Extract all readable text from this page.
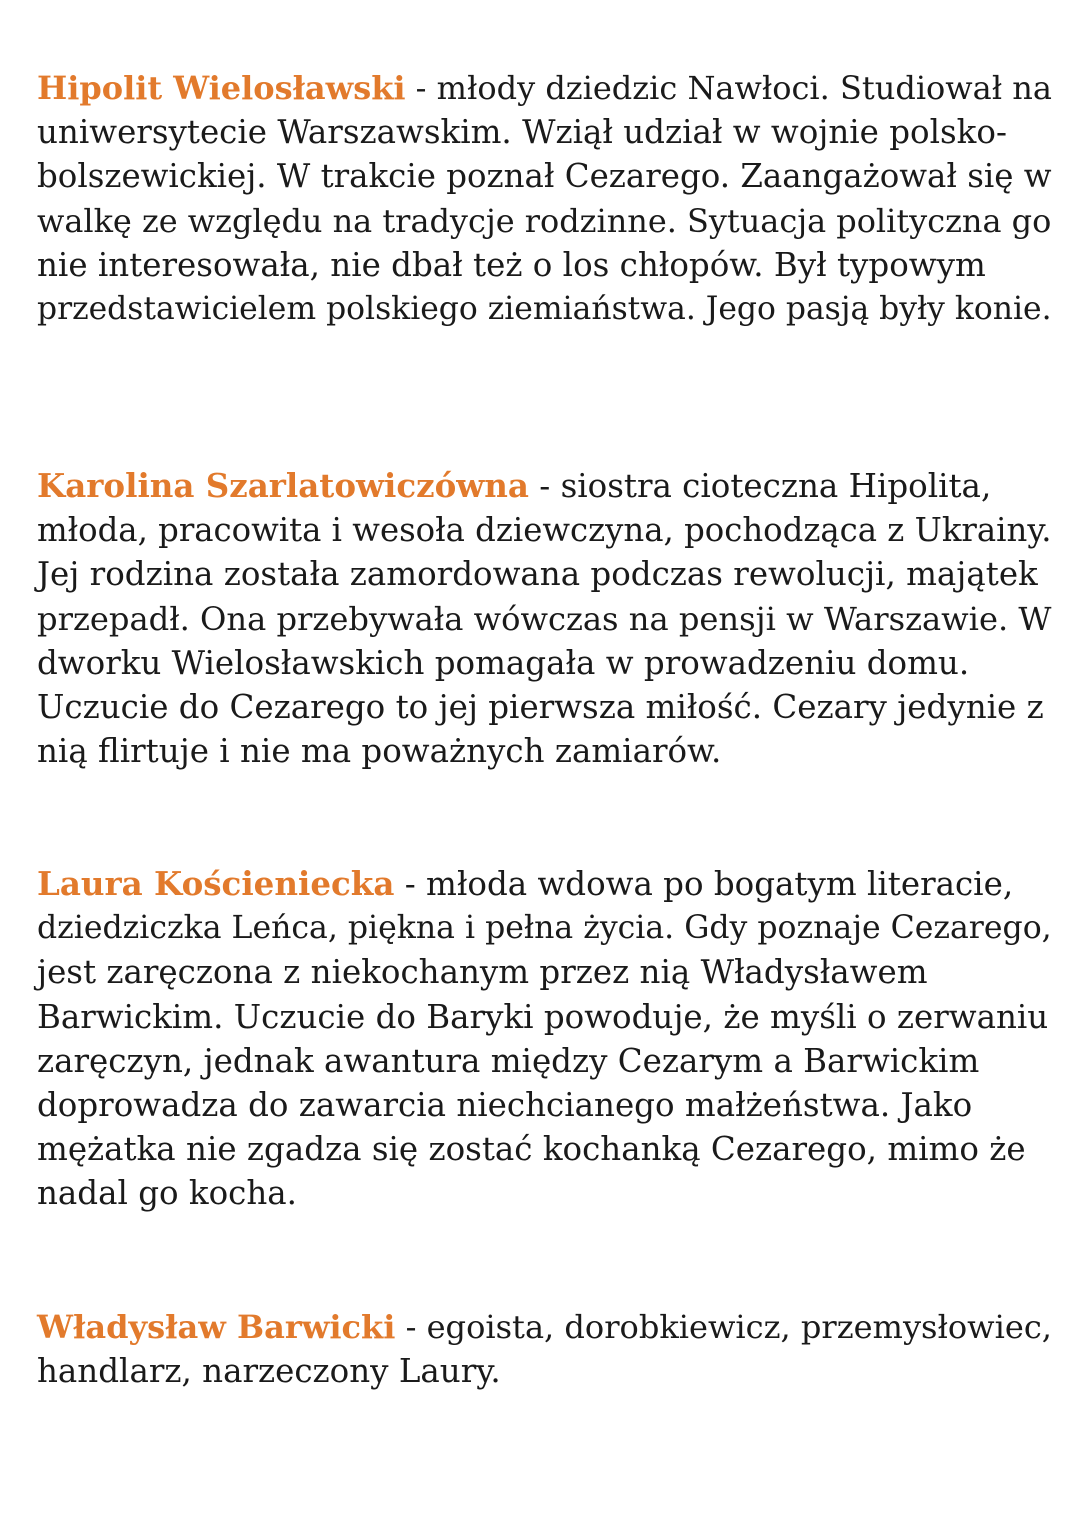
Hipolit Wielosławski - młody dziedzic Nawłoci. Studiował na
uniwersytecie Warszawskim. Wziął udział w wojnie polsko-
bolszewickiej. W trakcie poznał Cezarego. Zaangażował się w
walkę ze względu na tradycje rodzinne. Sytuacja polityczna go
nie interesowała, nie dbał też o los chłopów. Był typowym
przedstawicielem polskiego ziemiaństwa. Jego pasją były konie.

Karolina Szarlatowiczówna - siostra cioteczna Hipolita,
młoda, pracowita i wesoła dziewczyna, pochodząca z Ukrainy.
Jej rodzina została zamordowana podczas rewolucji, majątek
przepadł. Ona przebywała wówczas na pensji w Warszawie. W
dworku Wielosławskich pomagała w prowadzeniu domu.
Uczucie do Cezarego to jej pierwsza miłość. Cezary jedynie z
nią flirtuje i nie ma poważnych zamiarów.

Laura Kościeniecka - młoda wdowa po bogatym literacie,
dziedziczka Leńca, piękna i pełna życia. Gdy poznaje Cezarego,
jest zaręczona z niekochanym przez nią Władysławem
Barwickim. Uczucie do Baryki powoduje, że myśli o zerwaniu
zaręczyn, jednak awantura między Cezarym a Barwickim
doprowadza do zawarcia niechcianego małżeństwa. Jako
mężatka nie zgadza się zostać kochanką Cezarego, mimo że
nadal go kocha.

Władysław Barwicki - egoista, dorobkiewicz, przemysłowiec,
handlarz, narzeczony Laury.
